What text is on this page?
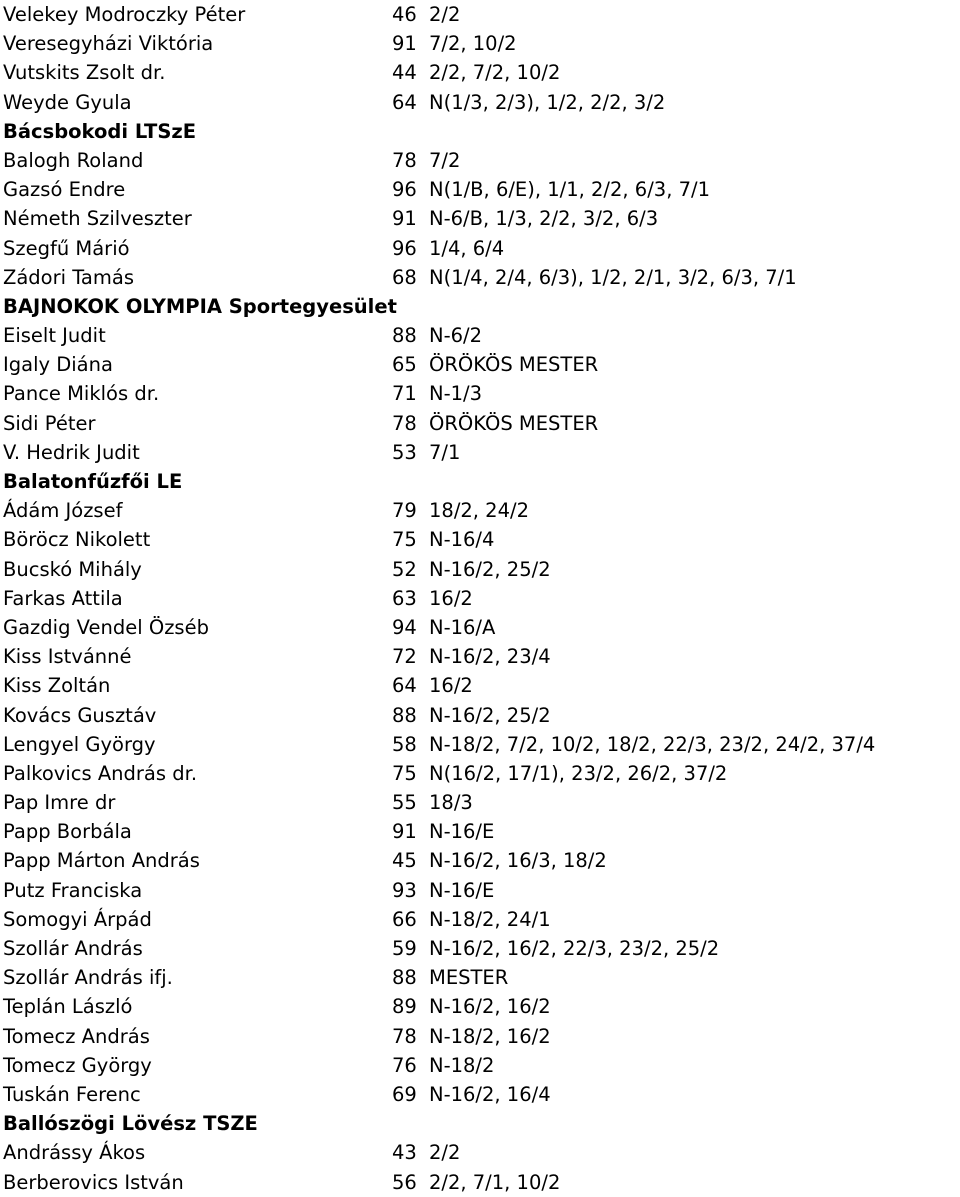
Velekey Modroczky Péter	46 2/2
Veresegyházi Viktória	91 7/2, 10/2
Vutskits Zsolt dr.	44 2/2, 7/2, 10/2
Weyde Gyula	64 N(1/3, 2/3), 1/2, 2/2, 3/2
Bácsbokodi LTSzE
Balogh Roland	78 7/2
Gazsó Endre	96 N(1/B, 6/E), 1/1, 2/2, 6/3, 7/1
Németh Szilveszter	91 N-6/B, 1/3, 2/2, 3/2, 6/3
Szegfű Márió	96 1/4, 6/4
Zádori Tamás	68 N(1/4, 2/4, 6/3), 1/2, 2/1, 3/2, 6/3, 7/1
BAJNOKOK OLYMPIA Sportegyesület
Eiselt Judit	88 N-6/2
Igaly Diána	65 ÖRÖKÖS MESTER
Pance Miklós dr.	71 N-1/3
Sidi Péter	78 ÖRÖKÖS MESTER
V. Hedrik Judit	53 7/1
Balatonfűzfői LE
Ádám József	79 18/2, 24/2
Böröcz Nikolett	75 N-16/4
Bucskó Mihály	52 N-16/2, 25/2
Farkas Attila	63 16/2
Gazdig Vendel Özséb	94 N-16/A
Kiss Istvánné	72 N-16/2, 23/4
Kiss Zoltán	64 16/2
Kovács Gusztáv	88 N-16/2, 25/2
Lengyel György	58 N-18/2, 7/2, 10/2, 18/2, 22/3, 23/2, 24/2, 37/4
Palkovics András dr.	75 N(16/2, 17/1), 23/2, 26/2, 37/2
Pap Imre dr	55 18/3
Papp Borbála	91 N-16/E
Papp Márton András	45 N-16/2, 16/3, 18/2
Putz Franciska	93 N-16/E
Somogyi Árpád	66 N-18/2, 24/1
Szollár András	59 N-16/2, 16/2, 22/3, 23/2, 25/2
Szollár András ifj.	88 MESTER
Teplán László	89 N-16/2, 16/2
Tomecz András	78 N-18/2, 16/2
Tomecz György	76 N-18/2
Tuskán Ferenc	69 N-16/2, 16/4
Ballószögi Lövész TSZE
Andrássy Ákos	43 2/2
Berberovics István	56 2/2, 7/1, 10/2
